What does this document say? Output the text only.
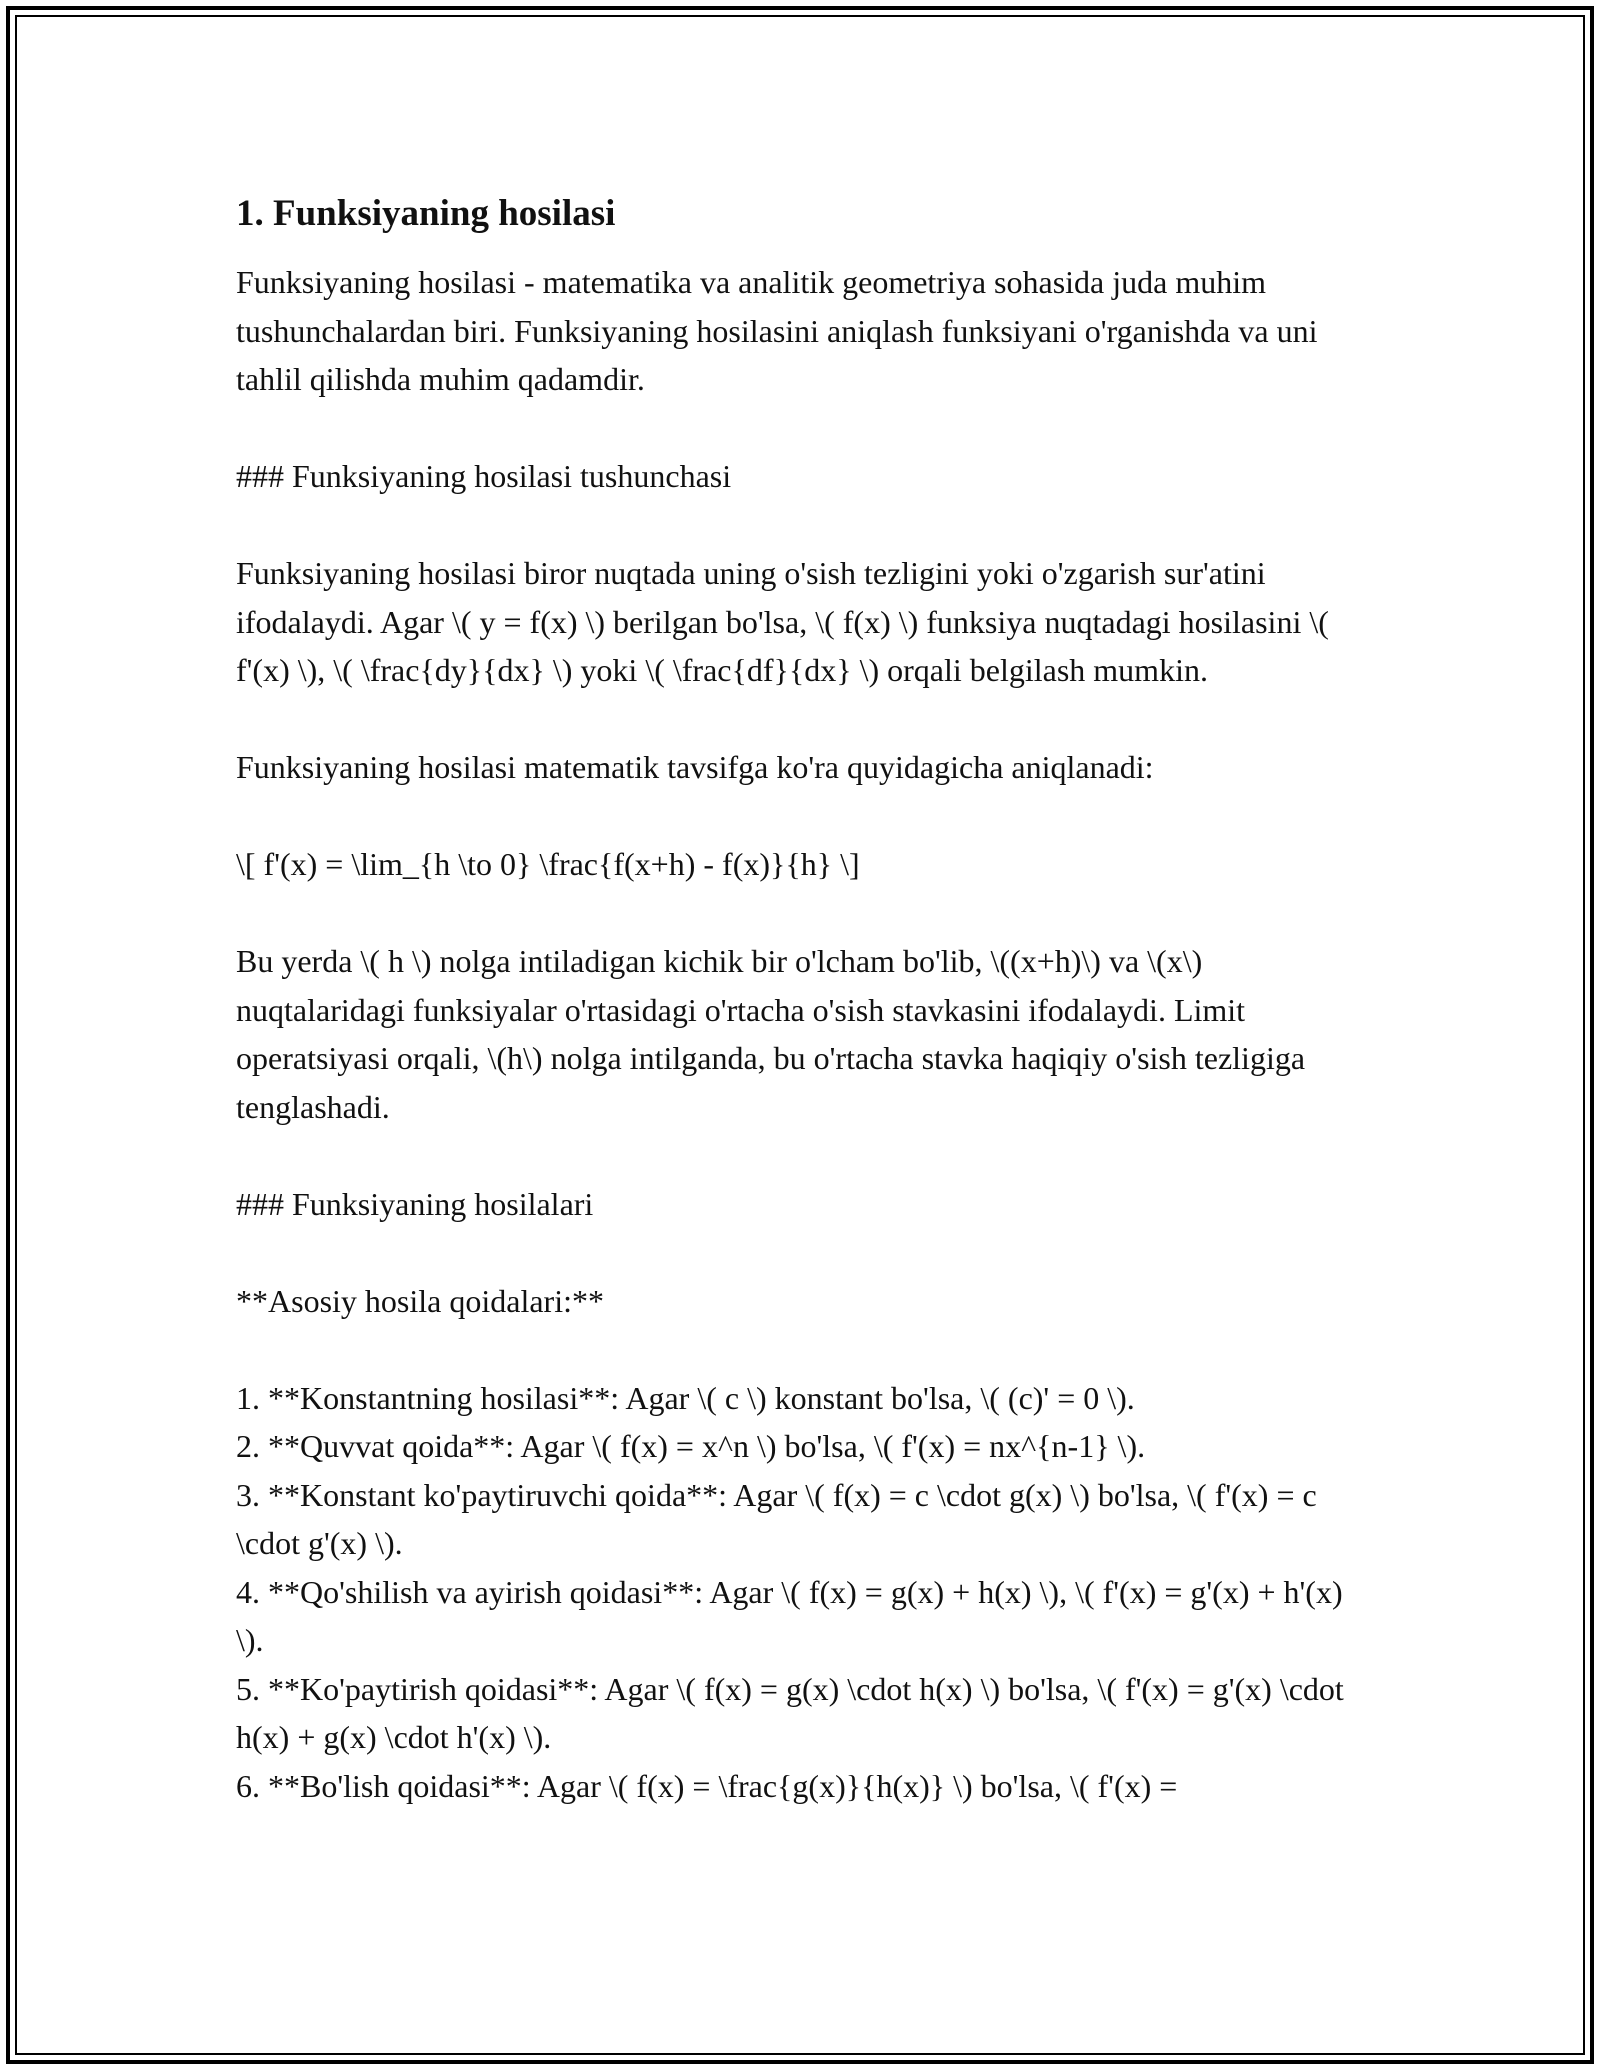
1. Funksiyaning hosilasi

Funksiyaning hosilasi - matematika va analitik geometriya sohasida juda muhim tushunchalardan biri. Funksiyaning hosilasini aniqlash funksiyani o'rganishda va uni tahlil qilishda muhim qadamdir.

### Funksiyaning hosilasi tushunchasi

Funksiyaning hosilasi biror nuqtada uning o'sish tezligini yoki o'zgarish sur'atini ifodalaydi. Agar \( y = f(x) \) berilgan bo'lsa, \( f(x) \) funksiya nuqtadagi hosilasini \( f'(x) \), \( \frac{dy}{dx} \) yoki \( \frac{df}{dx} \) orqali belgilash mumkin.

Funksiyaning hosilasi matematik tavsifga ko'ra quyidagicha aniqlanadi:

\[ f'(x) = \lim_{h \to 0} \frac{f(x+h) - f(x)}{h} \]

Bu yerda \( h \) nolga intiladigan kichik bir o'lcham bo'lib, \((x+h)\) va \(x\) nuqtalaridagi funksiyalar o'rtasidagi o'rtacha o'sish stavkasini ifodalaydi. Limit operatsiyasi orqali, \(h\) nolga intilganda, bu o'rtacha stavka haqiqiy o'sish tezligiga tenglashadi.

### Funksiyaning hosilalari

**Asosiy hosila qoidalari:**

1. **Konstantning hosilasi**: Agar \( c \) konstant bo'lsa, \( (c)' = 0 \).

2. **Quvvat qoida**: Agar \( f(x) = x^n \) bo'lsa, \( f'(x) = nx^{n-1} \).

3. **Konstant ko'paytiruvchi qoida**: Agar \( f(x) = c \cdot g(x) \) bo'lsa, \( f'(x) = c \cdot g'(x) \).

4. **Qo'shilish va ayirish qoidasi**: Agar \( f(x) = g(x) + h(x) \), \( f'(x) = g'(x) + h'(x) \).

5. **Ko'paytirish qoidasi**: Agar \( f(x) = g(x) \cdot h(x) \) bo'lsa, \( f'(x) = g'(x) \cdot h(x) + g(x) \cdot h'(x) \).

6. **Bo'lish qoidasi**: Agar \( f(x) = \frac{g(x)}{h(x)} \) bo'lsa, \( f'(x) =
